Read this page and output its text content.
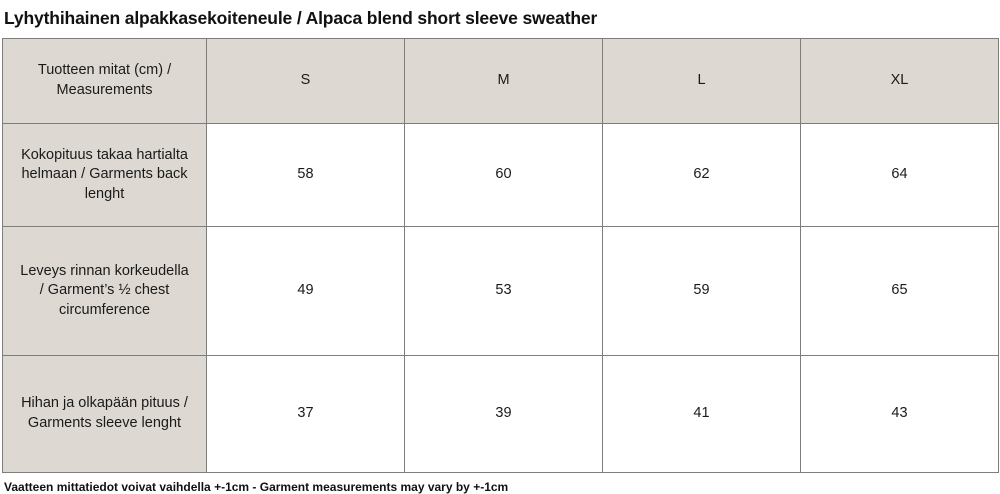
Lyhythihainen alpakkasekoiteneule / Alpaca blend short sleeve sweather
Tuotteen mitat (cm) / Measurements	S	M	L	XL
Kokopituus takaa hartialta helmaan / Garments back lenght	58	60	62	64
Leveys rinnan korkeudella / Garment’s ½ chest circumference	49	53	59	65
Hihan ja olkapään pituus / Garments sleeve lenght	37	39	41	43
Vaatteen mittatiedot voivat vaihdella +-1cm - Garment measurements may vary by +-1cm
